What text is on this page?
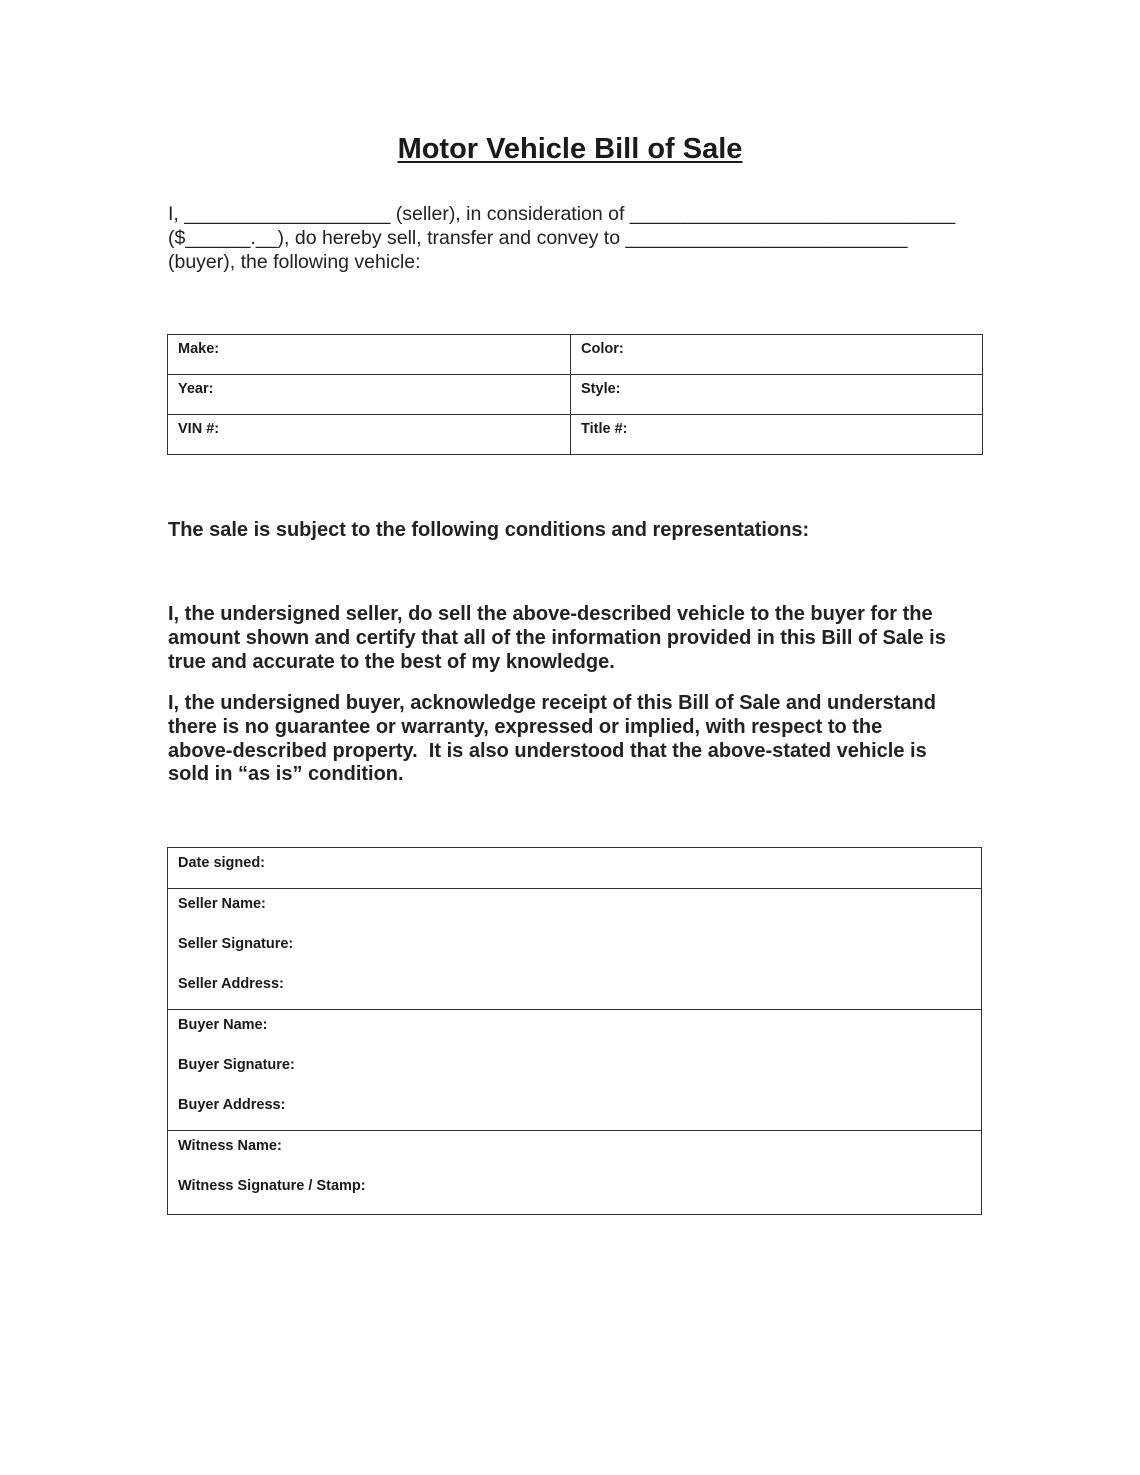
Motor Vehicle Bill of Sale
I, ___________________ (seller), in consideration of ______________________________
($______.__), do hereby sell, transfer and convey to __________________________
(buyer), the following vehicle:
Make:	Color:
Year:	Style:
VIN #:	Title #:
The sale is subject to the following conditions and representations:
I, the undersigned seller, do sell the above-described vehicle to the buyer for the
amount shown and certify that all of the information provided in this Bill of Sale is
true and accurate to the best of my knowledge.
I, the undersigned buyer, acknowledge receipt of this Bill of Sale and understand
there is no guarantee or warranty, expressed or implied, with respect to the
above-described property.  It is also understood that the above-stated vehicle is
sold in “as is” condition.
Date signed:

Seller Name:
Seller Signature:
Seller Address:

Buyer Name:
Buyer Signature:
Buyer Address:

Witness Name:
Witness Signature / Stamp:
